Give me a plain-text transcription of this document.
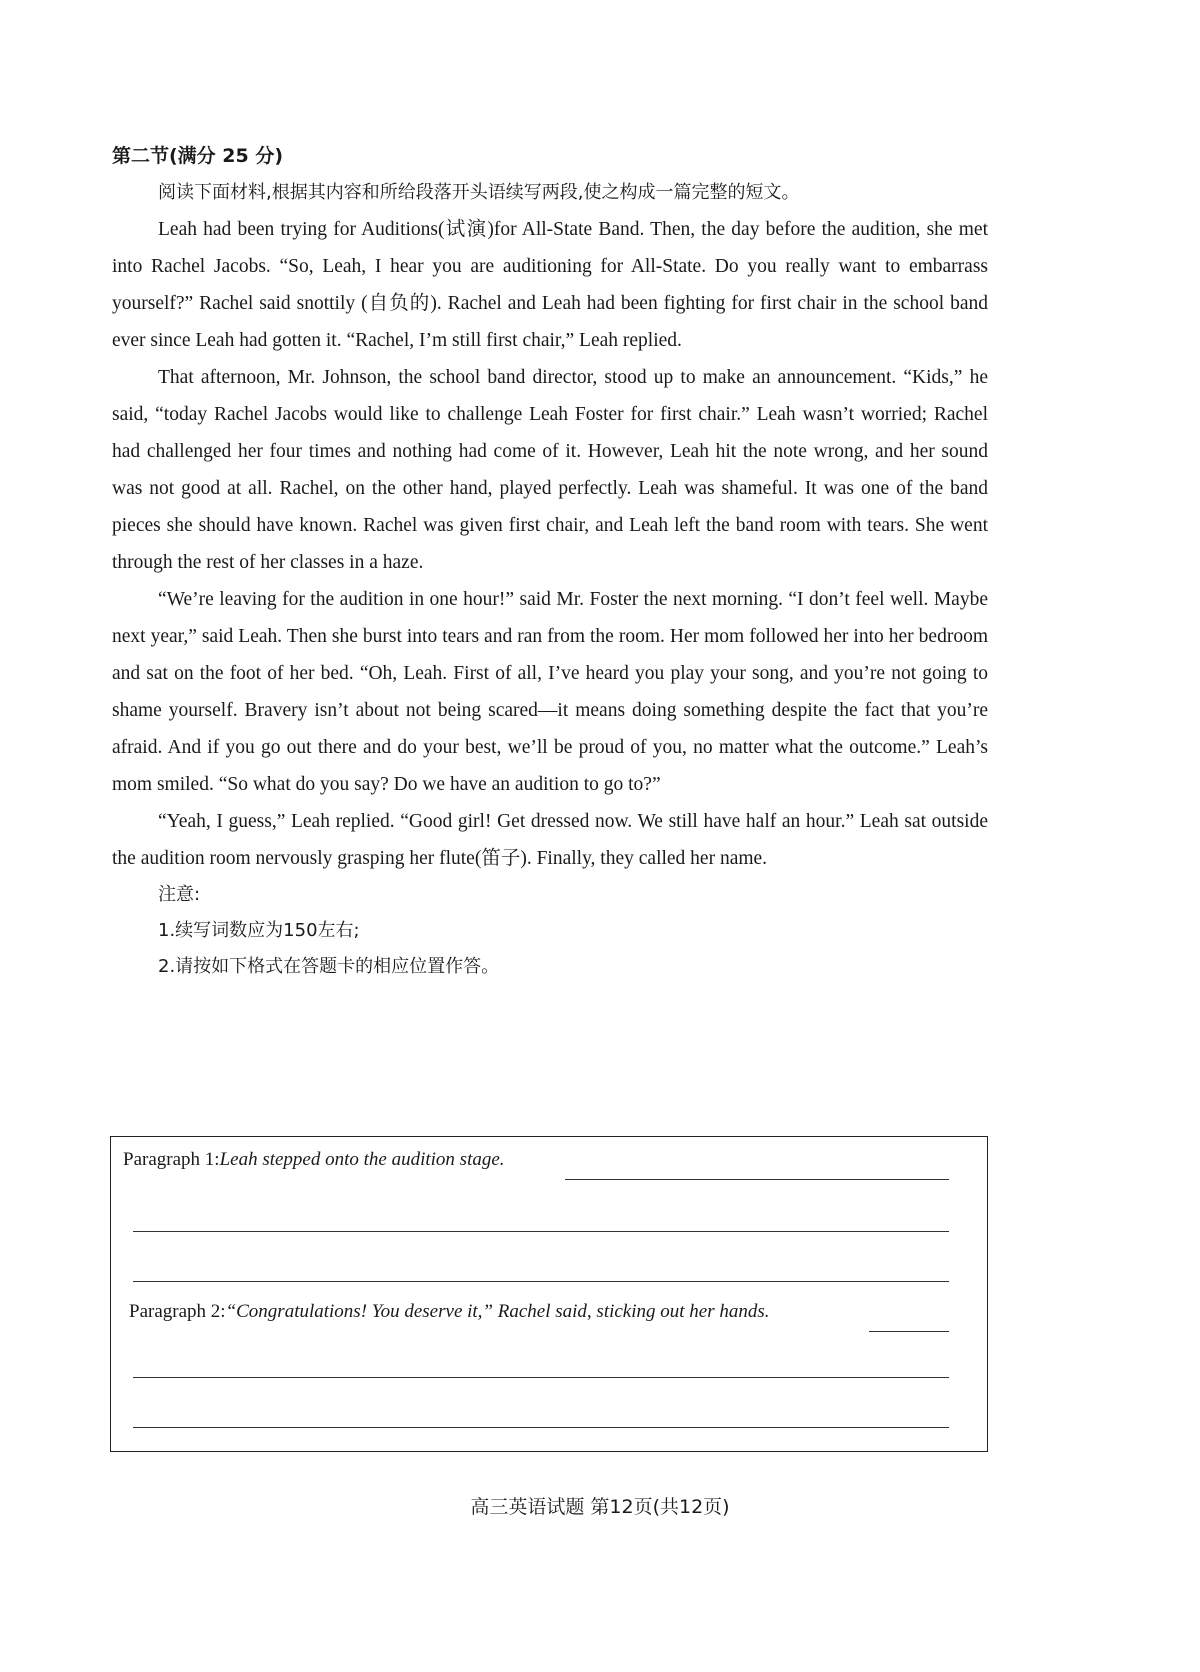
第二节(满分 25 分)

阅读下面材料,根据其内容和所给段落开头语续写两段,使之构成一篇完整的短文。

Leah had been trying for Auditions(试演)for All-State Band. Then, the day before the audition, she met into Rachel Jacobs. “So, Leah, I hear you are auditioning for All-State. Do you really want to embarrass yourself?” Rachel said snottily (自负的). Rachel and Leah had been fighting for first chair in the school band ever since Leah had gotten it. “Rachel, I’m still first chair,” Leah replied.

That afternoon, Mr. Johnson, the school band director, stood up to make an announcement. “Kids,” he said, “today Rachel Jacobs would like to challenge Leah Foster for first chair.” Leah wasn’t worried; Rachel had challenged her four times and nothing had come of it. However, Leah hit the note wrong, and her sound was not good at all. Rachel, on the other hand, played perfectly. Leah was shameful. It was one of the band pieces she should have known. Rachel was given first chair, and Leah left the band room with tears. She went through the rest of her classes in a haze.

“We’re leaving for the audition in one hour!” said Mr. Foster the next morning. “I don’t feel well. Maybe next year,” said Leah. Then she burst into tears and ran from the room. Her mom followed her into her bedroom and sat on the foot of her bed. “Oh, Leah. First of all, I’ve heard you play your song, and you’re not going to shame yourself. Bravery isn’t about not being scared—it means doing something despite the fact that you’re afraid. And if you go out there and do your best, we’ll be proud of you, no matter what the outcome.” Leah’s mom smiled. “So what do you say? Do we have an audition to go to?”

“Yeah, I guess,” Leah replied. “Good girl! Get dressed now. We still have half an hour.” Leah sat outside the audition room nervously grasping her flute(笛子). Finally, they called her name.

注意:

1.续写词数应为150左右;

2.请按如下格式在答题卡的相应位置作答。

Paragraph 1:Leah stepped onto the audition stage.
Paragraph 2:“Congratulations! You deserve it,” Rachel said, sticking out her hands.
高三英语试题 第12页(共12页)
